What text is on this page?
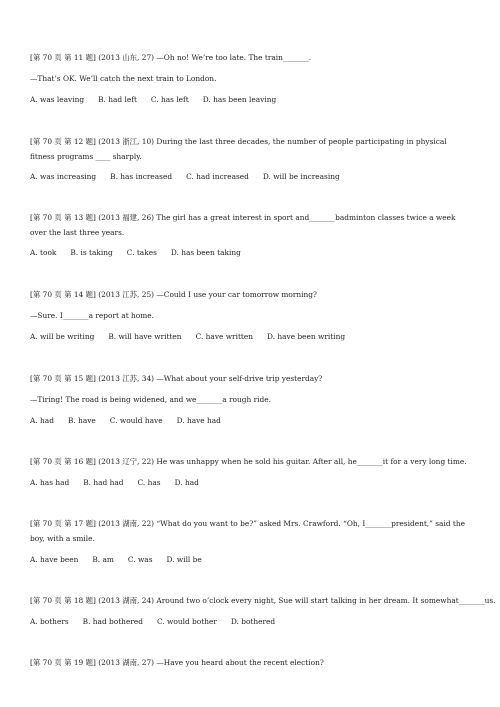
[第 70 页 第 11 题] (2013 山东, 27) —Oh no! We’re too late. The train_______.
—That’s OK. We’ll catch the next train to London.
A. was leaving B. had left C. has left D. has been leaving
[第 70 页 第 12 题] (2013 浙江, 10) During the last three decades, the number of people participating in physical fitness programs ____ sharply.
A. was increasing B. has increased C. had increased D. will be increasing
[第 70 页 第 13 题] (2013 福建, 26) The girl has a great interest in sport and_______badminton classes twice a week over the last three years.
A. took B. is taking C. takes D. has been taking
[第 70 页 第 14 题] (2013 江苏, 25) —Could I use your car tomorrow morning?
—Sure. I_______a report at home.
A. will be writing B. will have written C. have written D. have been writing
[第 70 页 第 15 题] (2013 江苏, 34) —What about your self-drive trip yesterday?
—Tiring! The road is being widened, and we_______a rough ride.
A. had B. have C. would have D. have had
[第 70 页 第 16 题] (2013 辽宁, 22) He was unhappy when he sold his guitar. After all, he_______it for a very long time.
A. has had B. had had C. has D. had
[第 70 页 第 17 题] (2013 湖南, 22) “What do you want to be?” asked Mrs. Crawford. “Oh, I_______president,” said the boy, with a smile.
A. have been B. am C. was D. will be
[第 70 页 第 18 题] (2013 湖南, 24) Around two o’clock every night, Sue will start talking in her dream. It somewhat_______us.
A. bothers B. had bothered C. would bother D. bothered
[第 70 页 第 19 题] (2013 湖南, 27) —Have you heard about the recent election?
